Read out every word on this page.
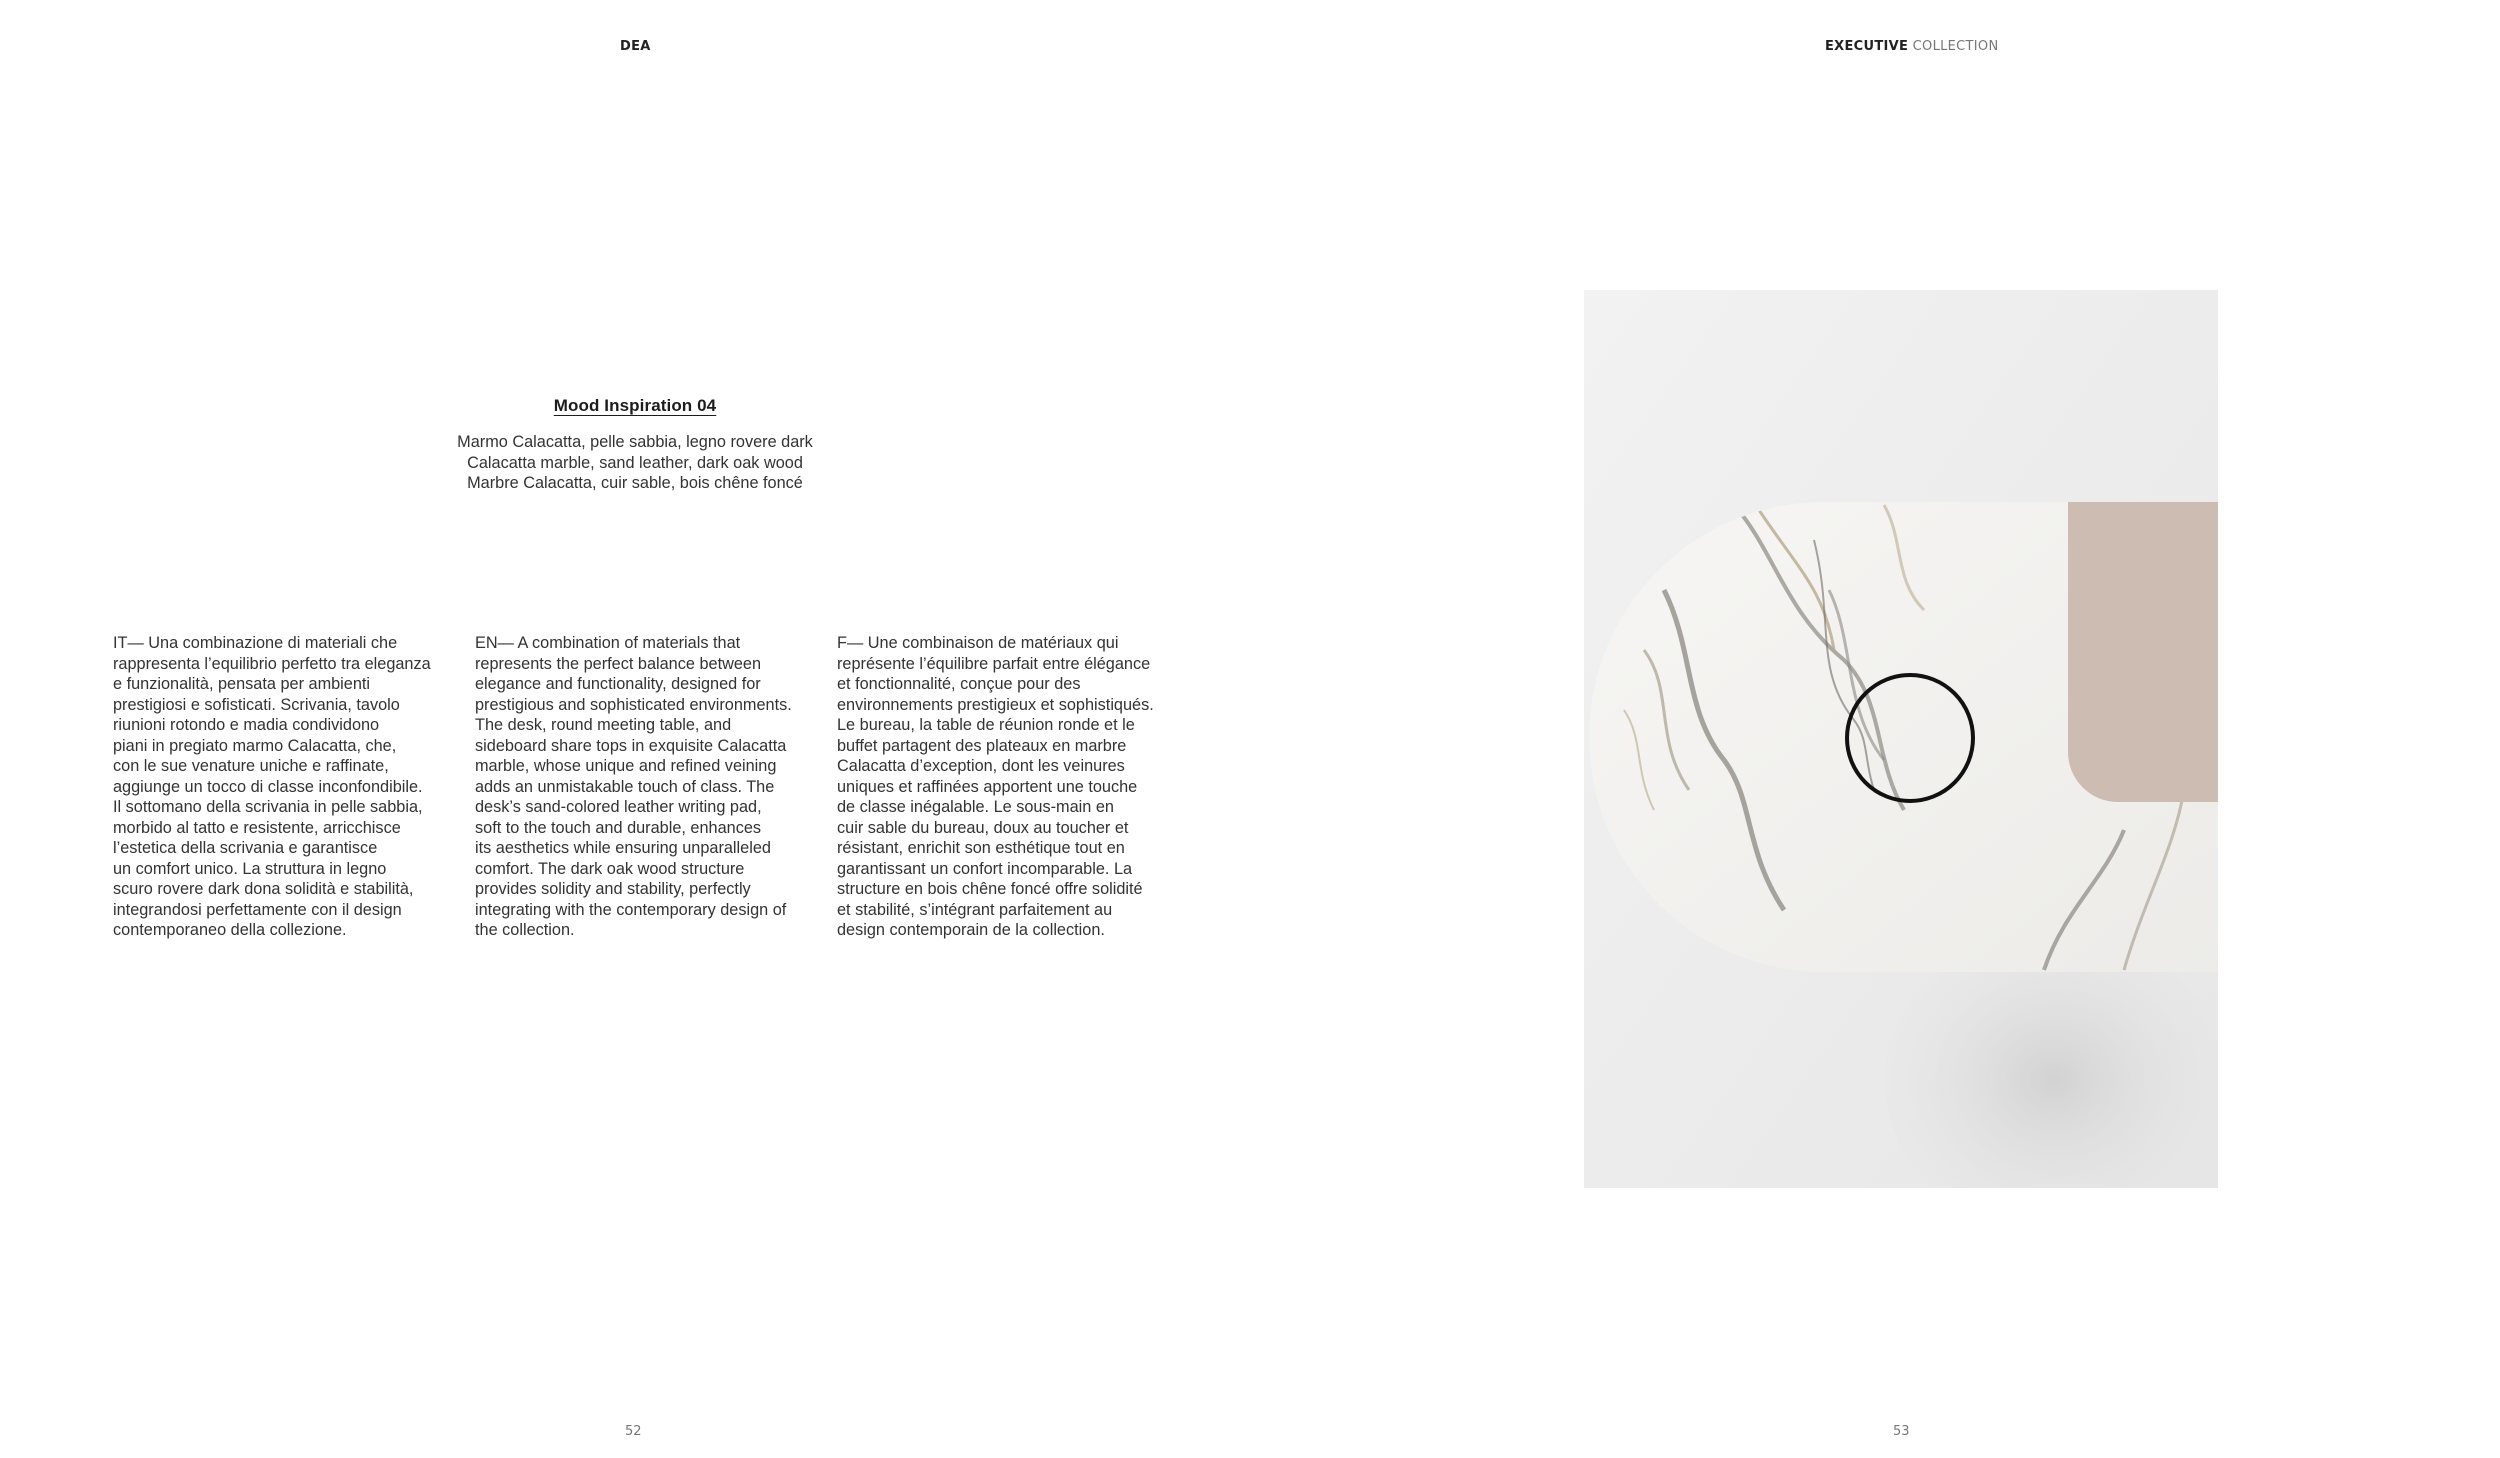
DEA	EXECUTIVE COLLECTION
Mood Inspiration 04
Marmo Calacatta, pelle sabbia, legno rovere dark
Calacatta marble, sand leather, dark oak wood
Marbre Calacatta, cuir sable, bois chêne foncé
IT— Una combinazione di materiali che
rappresenta l’equilibrio perfetto tra eleganza
e funzionalità, pensata per ambienti
prestigiosi e sofisticati. Scrivania, tavolo
riunioni rotondo e madia condividono
piani in pregiato marmo Calacatta, che,
con le sue venature uniche e raffinate,
aggiunge un tocco di classe inconfondibile.
Il sottomano della scrivania in pelle sabbia,
morbido al tatto e resistente, arricchisce
l’estetica della scrivania e garantisce
un comfort unico. La struttura in legno
scuro rovere dark dona solidità e stabilità,
integrandosi perfettamente con il design
contemporaneo della collezione.
EN— A combination of materials that
represents the perfect balance between
elegance and functionality, designed for
prestigious and sophisticated environments.
The desk, round meeting table, and
sideboard share tops in exquisite Calacatta
marble, whose unique and refined veining
adds an unmistakable touch of class. The
desk’s sand-colored leather writing pad,
soft to the touch and durable, enhances
its aesthetics while ensuring unparalleled
comfort. The dark oak wood structure
provides solidity and stability, perfectly
integrating with the contemporary design of
the collection.
F— Une combinaison de matériaux qui
représente l’équilibre parfait entre élégance
et fonctionnalité, conçue pour des
environnements prestigieux et sophistiqués.
Le bureau, la table de réunion ronde et le
buffet partagent des plateaux en marbre
Calacatta d’exception, dont les veinures
uniques et raffinées apportent une touche
de classe inégalable. Le sous-main en
cuir sable du bureau, doux au toucher et
résistant, enrichit son esthétique tout en
garantissant un confort incomparable. La
structure en bois chêne foncé offre solidité
et stabilité, s’intégrant parfaitement au
design contemporain de la collection.
52	53
